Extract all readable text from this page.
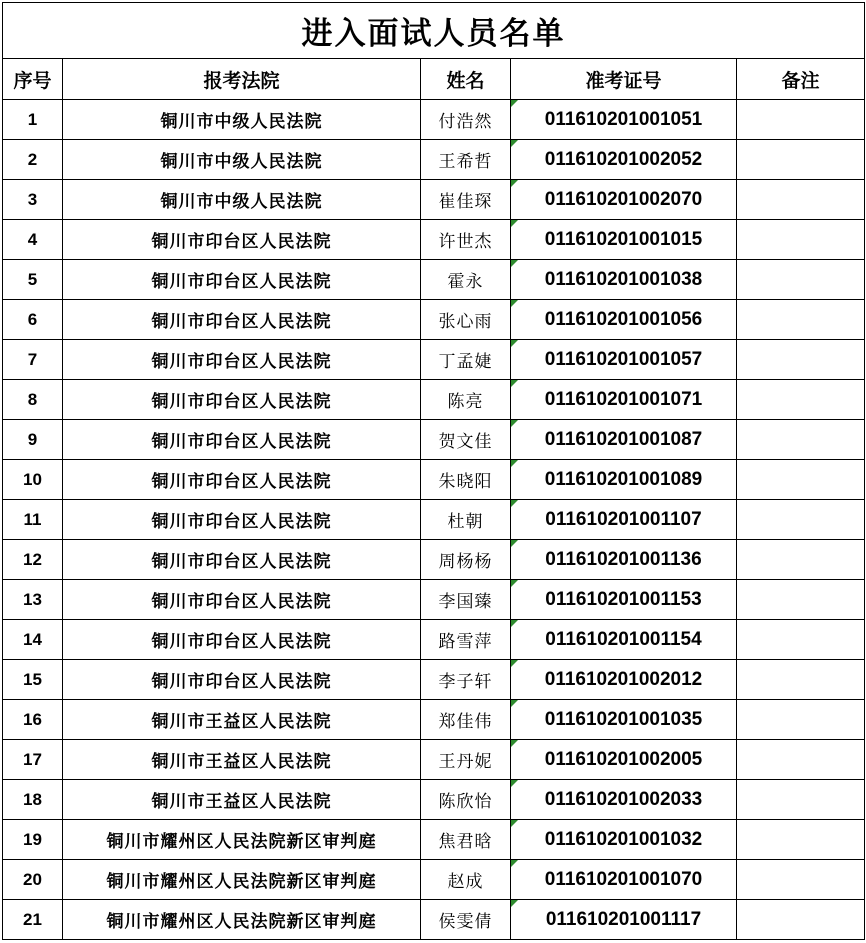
进入面试人员名单				
序号	报考法院	姓名	准考证号	备注
1	铜川市中级人民法院	付浩然	011610201001051	
2	铜川市中级人民法院	王希哲	011610201002052	
3	铜川市中级人民法院	崔佳琛	011610201002070	
4	铜川市印台区人民法院	许世杰	011610201001015	
5	铜川市印台区人民法院	霍永	011610201001038	
6	铜川市印台区人民法院	张心雨	011610201001056	
7	铜川市印台区人民法院	丁孟婕	011610201001057	
8	铜川市印台区人民法院	陈亮	011610201001071	
9	铜川市印台区人民法院	贺文佳	011610201001087	
10	铜川市印台区人民法院	朱晓阳	011610201001089	
11	铜川市印台区人民法院	杜朝	011610201001107	
12	铜川市印台区人民法院	周杨杨	011610201001136	
13	铜川市印台区人民法院	李国臻	011610201001153	
14	铜川市印台区人民法院	路雪萍	011610201001154	
15	铜川市印台区人民法院	李子轩	011610201002012	
16	铜川市王益区人民法院	郑佳伟	011610201001035	
17	铜川市王益区人民法院	王丹妮	011610201002005	
18	铜川市王益区人民法院	陈欣怡	011610201002033	
19	铜川市耀州区人民法院新区审判庭	焦君晗	011610201001032	
20	铜川市耀州区人民法院新区审判庭	赵成	011610201001070	
21	铜川市耀州区人民法院新区审判庭	侯雯倩	011610201001117	
